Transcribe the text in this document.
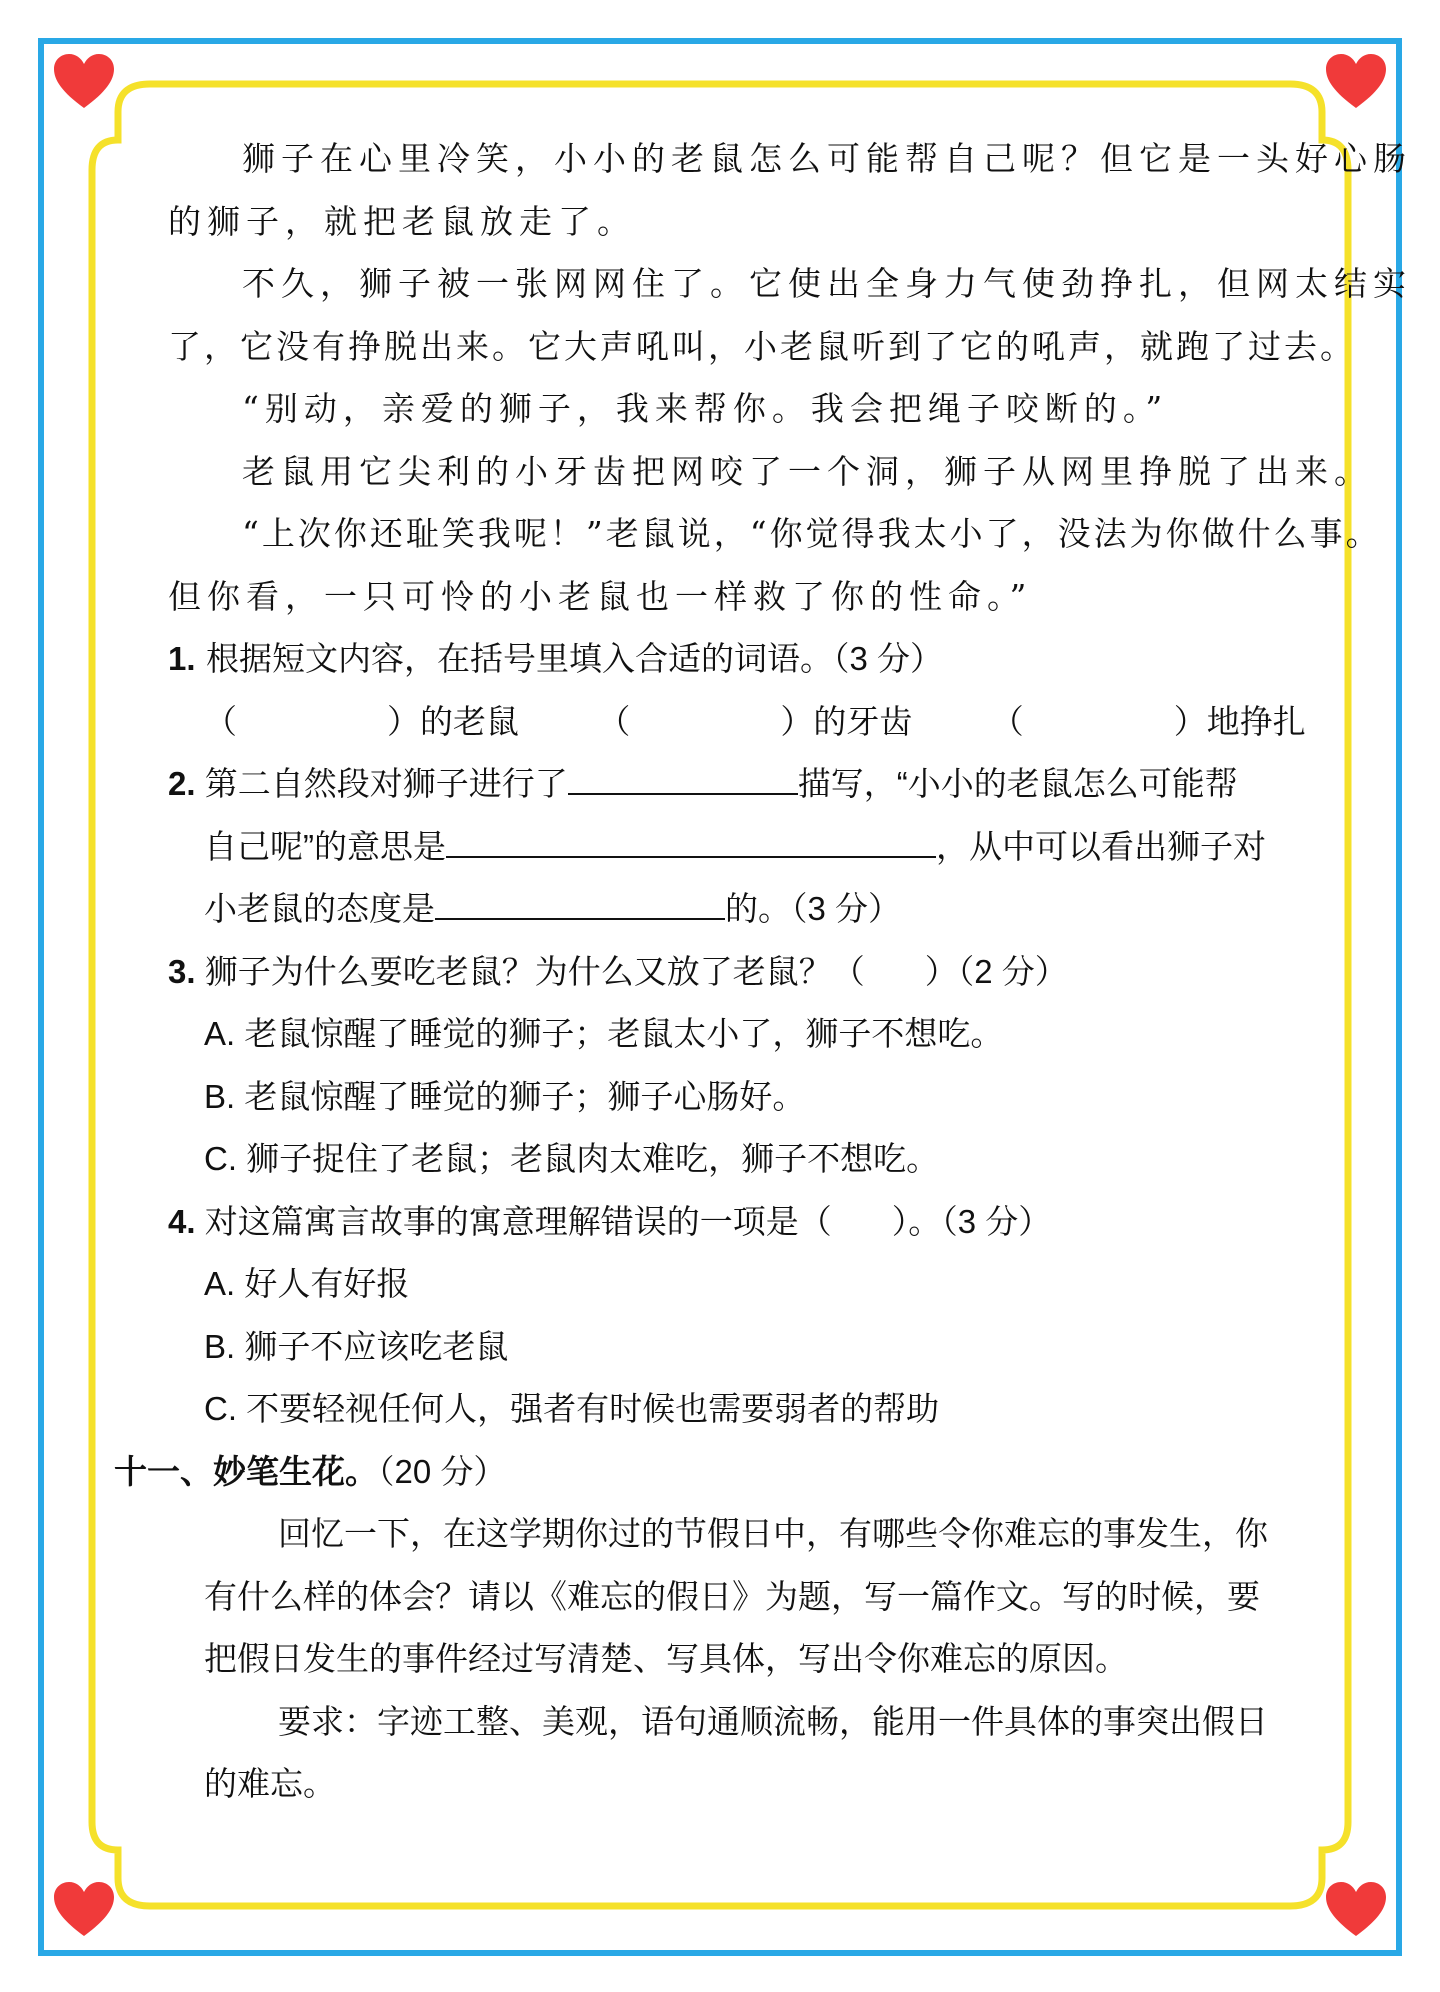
狮子在心里冷笑，小小的老鼠怎么可能帮自己呢？但它是一头好心肠

的狮子，就把老鼠放走了。

不久，狮子被一张网网住了。它使出全身力气使劲挣扎，但网太结实

了，它没有挣脱出来。它大声吼叫，小老鼠听到了它的吼声，就跑了过去。

“别动，亲爱的狮子，我来帮你。我会把绳子咬断的。”

老鼠用它尖利的小牙齿把网咬了一个洞，狮子从网里挣脱了出来。

“上次你还耻笑我呢！”老鼠说，“你觉得我太小了，没法为你做什么事。

但你看，一只可怜的小老鼠也一样救了你的性命。”

1. 根据短文内容，在括号里填入合适的词语。（3 分）

（	）的老鼠 （	）的牙齿 （	）地挣扎

2. 第二自然段对狮子进行了	描写，“小小的老鼠怎么可能帮

自己呢”的意思是	，从中可以看出狮子对

小老鼠的态度是	的。（3 分）

3. 狮子为什么要吃老鼠？为什么又放了老鼠？（ ）（2 分）

A. 老鼠惊醒了睡觉的狮子；老鼠太小了，狮子不想吃。

B. 老鼠惊醒了睡觉的狮子；狮子心肠好。

C. 狮子捉住了老鼠；老鼠肉太难吃，狮子不想吃。

4. 对这篇寓言故事的寓意理解错误的一项是（ ）。（3 分）

A. 好人有好报

B. 狮子不应该吃老鼠

C. 不要轻视任何人，强者有时候也需要弱者的帮助

十一、妙笔生花。（20 分）

回忆一下，在这学期你过的节假日中，有哪些令你难忘的事发生，你

有什么样的体会？请以《难忘的假日》为题，写一篇作文。写的时候，要

把假日发生的事件经过写清楚、写具体，写出令你难忘的原因。

要求：字迹工整、美观，语句通顺流畅，能用一件具体的事突出假日

的难忘。
